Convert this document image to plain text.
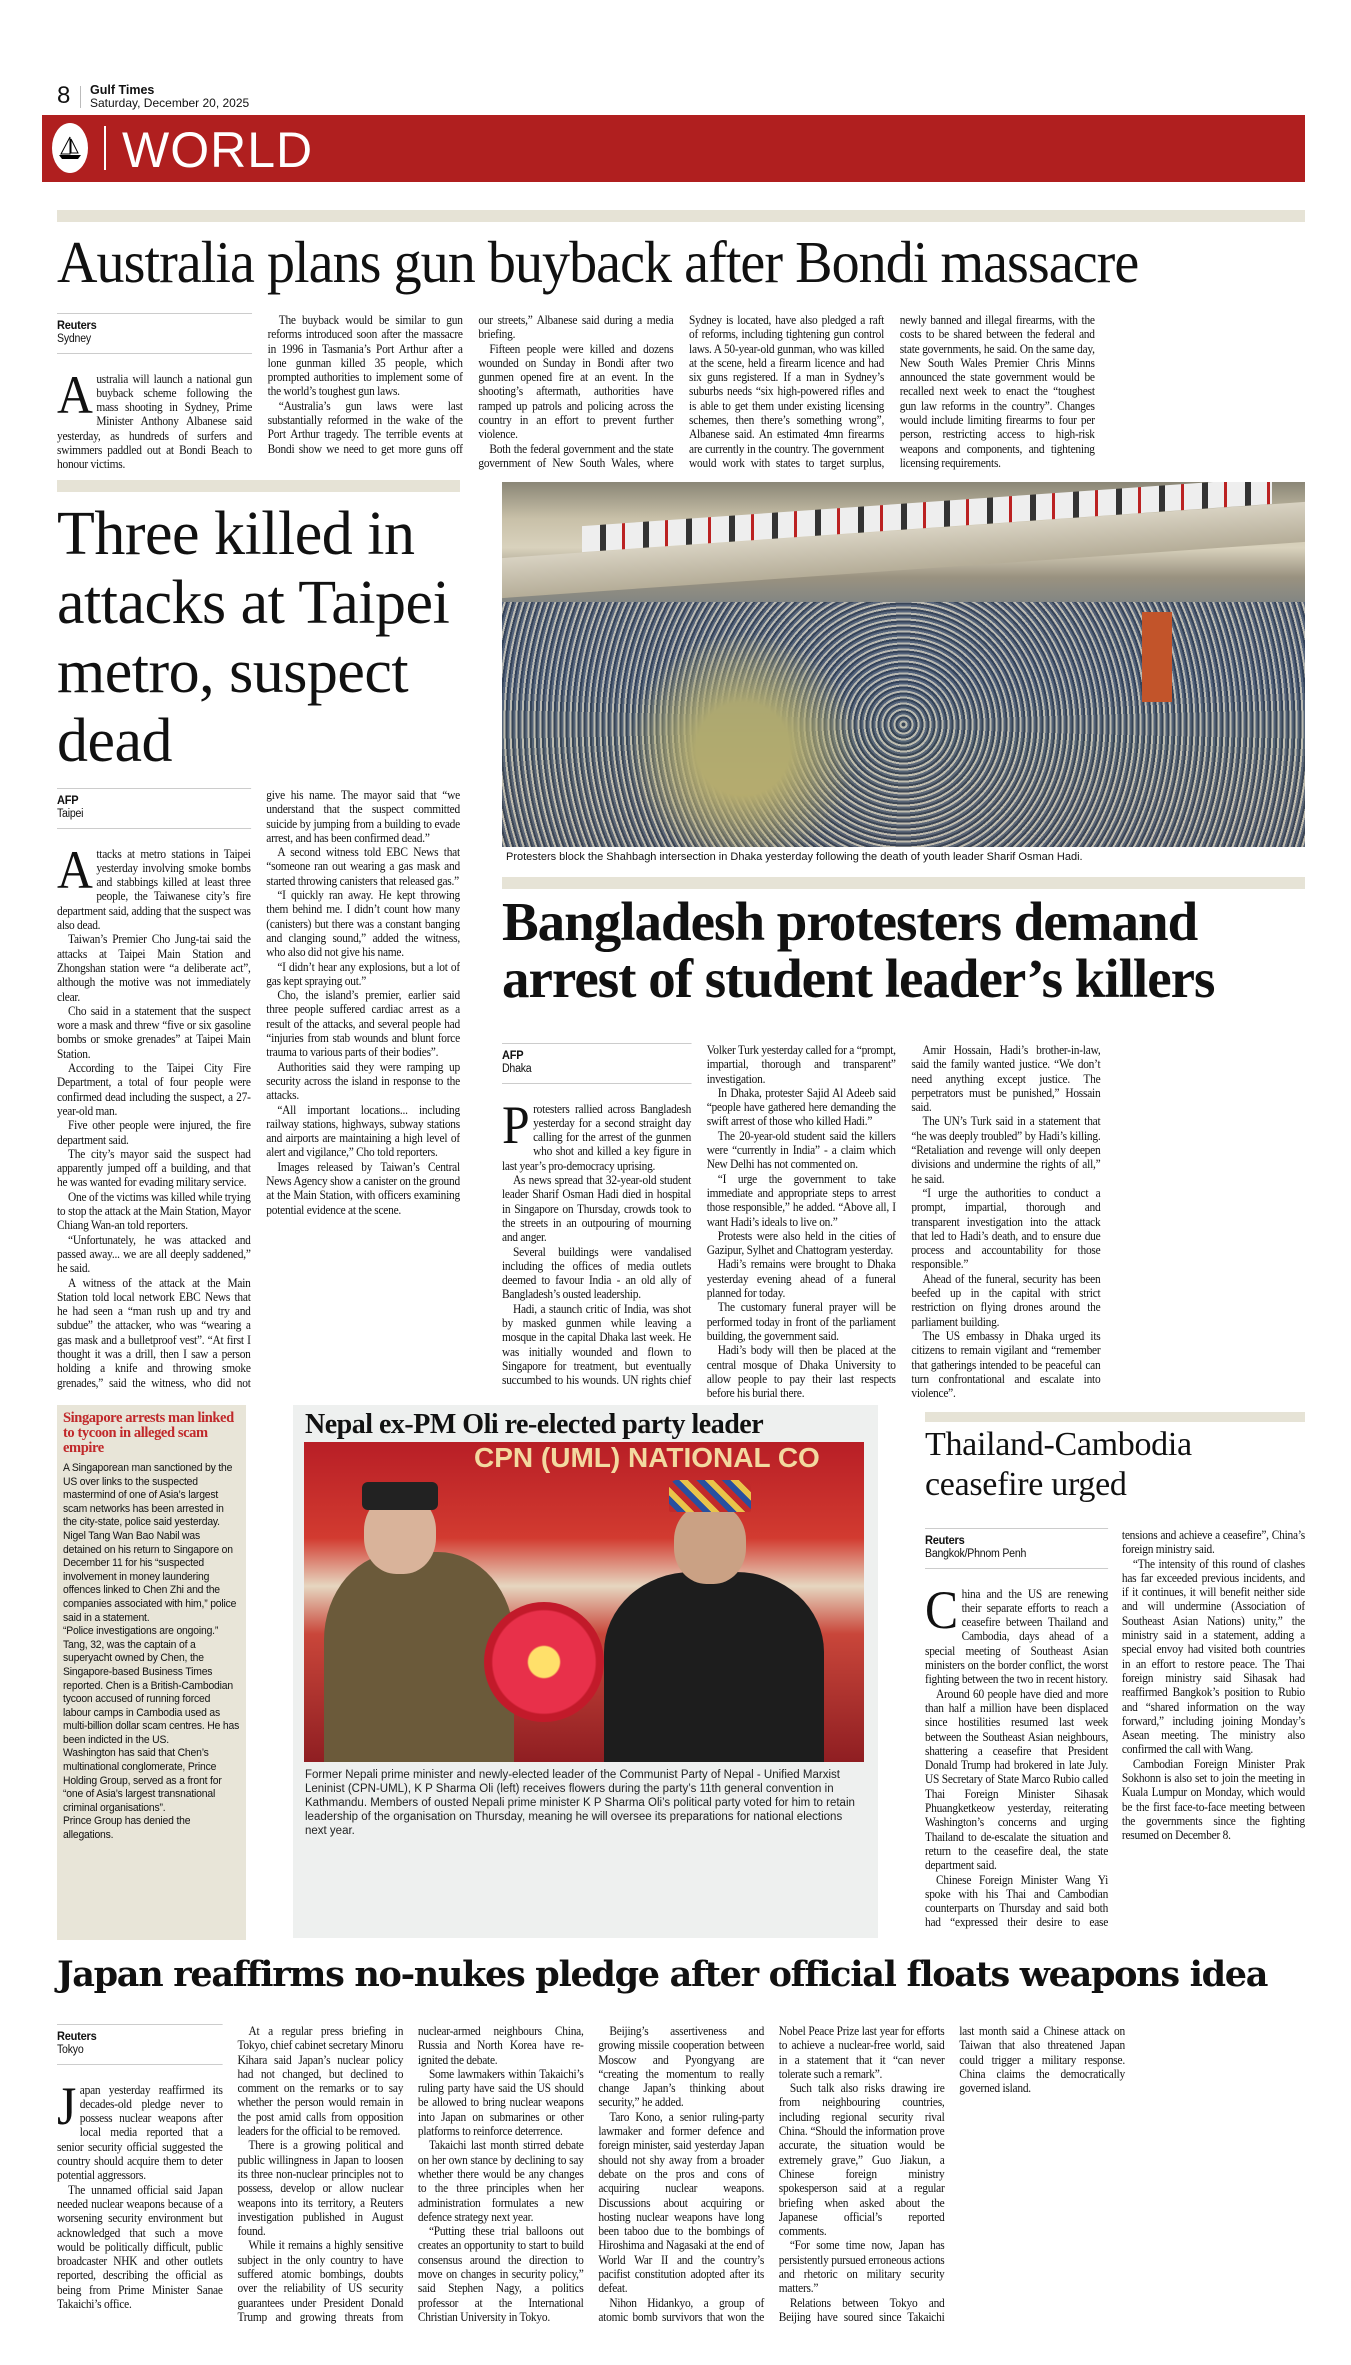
8 Gulf Times
Saturday, December 20, 2025
WORLD
Australia plans gun buyback after Bondi massacre
Reuters
Sydney

Australia will launch a national gun buyback scheme following the mass shooting in Sydney, Prime Minister Anthony Albanese said yesterday, as hundreds of surfers and swimmers paddled out at Bondi Beach to honour victims.

The buyback would be similar to gun reforms introduced soon after the massacre in 1996 in Tasmania’s Port Arthur after a lone gunman killed 35 people, which prompted authorities to implement some of the world’s toughest gun laws.

“Australia’s gun laws were last substantially reformed in the wake of the Port Arthur tragedy. The terrible events at Bondi show we need to get more guns off our streets,” Albanese said during a media briefing.

Fifteen people were killed and dozens wounded on Sunday in Bondi after two gunmen opened fire at an event. In the shooting’s aftermath, authorities have ramped up patrols and policing across the country in an effort to prevent further violence.

Both the federal government and the state government of New South Wales, where Sydney is located, have also pledged a raft of reforms, including tightening gun control laws. A 50-year-old gunman, who was killed at the scene, held a firearm licence and had six guns registered. If a man in Sydney’s suburbs needs “six high-powered rifles and is able to get them under existing licensing schemes, then there’s something wrong”, Albanese said. An estimated 4mn firearms are currently in the country. The government would work with states to target surplus, newly banned and illegal firearms, with the costs to be shared between the federal and state governments, he said. On the same day, New South Wales Premier Chris Minns announced the state government would be recalled next week to enact the “toughest gun law reforms in the country”. Changes would include limiting firearms to four per person, restricting access to high-risk weapons and components, and tightening licensing requirements.

Three killed in attacks at Taipei metro, suspect dead
AFP
Taipei

Attacks at metro stations in Taipei yesterday involving smoke bombs and stabbings killed at least three people, the Taiwanese city’s fire department said, adding that the suspect was also dead.

Taiwan’s Premier Cho Jung-tai said the attacks at Taipei Main Station and Zhongshan station were “a deliberate act”, although the motive was not immediately clear.

Cho said in a statement that the suspect wore a mask and threw “five or six gasoline bombs or smoke grenades” at Taipei Main Station.

According to the Taipei City Fire Department, a total of four people were confirmed dead including the suspect, a 27-year-old man.

Five other people were injured, the fire department said.

The city’s mayor said the suspect had apparently jumped off a building, and that he was wanted for evading military service.

One of the victims was killed while trying to stop the attack at the Main Station, Mayor Chiang Wan-an told reporters.

“Unfortunately, he was attacked and passed away... we are all deeply saddened,” he said.

A witness of the attack at the Main Station told local network EBC News that he had seen a “man rush up and try and subdue” the attacker, who was “wearing a gas mask and a bulletproof vest”. “At first I thought it was a drill, then I saw a person holding a knife and throwing smoke grenades,” said the witness, who did not give his name. The mayor said that “we understand that the suspect committed suicide by jumping from a building to evade arrest, and has been confirmed dead.”

A second witness told EBC News that “someone ran out wearing a gas mask and started throwing canisters that released gas.”

“I quickly ran away. He kept throwing them behind me. I didn’t count how many (canisters) but there was a constant banging and clanging sound,” added the witness, who also did not give his name.

“I didn’t hear any explosions, but a lot of gas kept spraying out.”

Cho, the island’s premier, earlier said three people suffered cardiac arrest as a result of the attacks, and several people had “injuries from stab wounds and blunt force trauma to various parts of their bodies”.

Authorities said they were ramping up security across the island in response to the attacks.

“All important locations... including railway stations, highways, subway stations and airports are maintaining a high level of alert and vigilance,” Cho told reporters.

Images released by Taiwan’s Central News Agency show a canister on the ground at the Main Station, with officers examining potential evidence at the scene.

Protesters block the Shahbagh intersection in Dhaka yesterday following the death of youth leader Sharif Osman Hadi.
Bangladesh protesters demand arrest of student leader’s killers
AFP
Dhaka

Protesters rallied across Bangladesh yesterday for a second straight day calling for the arrest of the gunmen who shot and killed a key figure in last year’s pro-democracy uprising.

As news spread that 32-year-old student leader Sharif Osman Hadi died in hospital in Singapore on Thursday, crowds took to the streets in an outpouring of mourning and anger.

Several buildings were vandalised including the offices of media outlets deemed to favour India - an old ally of Bangladesh’s ousted leadership.

Hadi, a staunch critic of India, was shot by masked gunmen while leaving a mosque in the capital Dhaka last week. He was initially wounded and flown to Singapore for treatment, but eventually succumbed to his wounds. UN rights chief Volker Turk yesterday called for a “prompt, impartial, thorough and transparent” investigation.

In Dhaka, protester Sajid Al Adeeb said “people have gathered here demanding the swift arrest of those who killed Hadi.”

The 20-year-old student said the killers were “currently in India” - a claim which New Delhi has not commented on.

“I urge the government to take immediate and appropriate steps to arrest those responsible,” he added. “Above all, I want Hadi’s ideals to live on.”

Protests were also held in the cities of Gazipur, Sylhet and Chattogram yesterday.

Hadi’s remains were brought to Dhaka yesterday evening ahead of a funeral planned for today.

The customary funeral prayer will be performed today in front of the parliament building, the government said.

Hadi’s body will then be placed at the central mosque of Dhaka University to allow people to pay their last respects before his burial there.

Amir Hossain, Hadi’s brother-in-law, said the family wanted justice. “We don’t need anything except justice. The perpetrators must be punished,” Hossain said.

The UN’s Turk said in a statement that “he was deeply troubled” by Hadi’s killing. “Retaliation and revenge will only deepen divisions and undermine the rights of all,” he said.

“I urge the authorities to conduct a prompt, impartial, thorough and transparent investigation into the attack that led to Hadi’s death, and to ensure due process and accountability for those responsible.”

Ahead of the funeral, security has been beefed up in the capital with strict restriction on flying drones around the parliament building.

The US embassy in Dhaka urged its citizens to remain vigilant and “remember that gatherings intended to be peaceful can turn confrontational and escalate into violence”.

Singapore arrests man linked to tycoon in alleged scam empire

A Singaporean man sanctioned by the US over links to the suspected mastermind of one of Asia’s largest scam networks has been arrested in the city-state, police said yesterday.

Nigel Tang Wan Bao Nabil was detained on his return to Singapore on December 11 for his “suspected involvement in money laundering offences linked to Chen Zhi and the companies associated with him,” police said in a statement.

“Police investigations are ongoing.”

Tang, 32, was the captain of a superyacht owned by Chen, the Singapore-based Business Times reported. Chen is a British-Cambodian tycoon accused of running forced labour camps in Cambodia used as multi-billion dollar scam centres. He has been indicted in the US.

Washington has said that Chen’s multinational conglomerate, Prince Holding Group, served as a front for “one of Asia’s largest transnational criminal organisations”.

Prince Group has denied the allegations.

Nepal ex-PM Oli re-elected party leader
CPN (UML) NATIONAL CO
Former Nepali prime minister and newly-elected leader of the Communist Party of Nepal - Unified Marxist Leninist (CPN-UML), K P Sharma Oli (left) receives flowers during the party’s 11th general convention in Kathmandu. Members of ousted Nepali prime minister K P Sharma Oli’s political party voted for him to retain leadership of the organisation on Thursday, meaning he will oversee its preparations for national elections next year.
Thailand-Cambodia ceasefire urged
Reuters
Bangkok/Phnom Penh

China and the US are renewing their separate efforts to reach a ceasefire between Thailand and Cambodia, days ahead of a special meeting of Southeast Asian ministers on the border conflict, the worst fighting between the two in recent history.

Around 60 people have died and more than half a million have been displaced since hostilities resumed last week between the Southeast Asian neighbours, shattering a ceasefire that President Donald Trump had brokered in late July. US Secretary of State Marco Rubio called Thai Foreign Minister Sihasak Phuangketkeow yesterday, reiterating Washington’s concerns and urging Thailand to de-escalate the situation and return to the ceasefire deal, the state department said.

Chinese Foreign Minister Wang Yi spoke with his Thai and Cambodian counterparts on Thursday and said both had “expressed their desire to ease tensions and achieve a ceasefire”, China’s foreign ministry said.

“The intensity of this round of clashes has far exceeded previous incidents, and if it continues, it will benefit neither side and will undermine (Association of Southeast Asian Nations) unity,” the ministry said in a statement, adding a special envoy had visited both countries in an effort to restore peace. The Thai foreign ministry said Sihasak had reaffirmed Bangkok’s position to Rubio and “shared information on the way forward,” including joining Monday’s Asean meeting. The ministry also confirmed the call with Wang.

Cambodian Foreign Minister Prak Sokhonn is also set to join the meeting in Kuala Lumpur on Monday, which would be the first face-to-face meeting between the governments since the fighting resumed on December 8.

Japan reaffirms no-nukes pledge after official floats weapons idea
Reuters
Tokyo

Japan yesterday reaffirmed its decades-old pledge never to possess nuclear weapons after local media reported that a senior security official suggested the country should acquire them to deter potential aggressors.

The unnamed official said Japan needed nuclear weapons because of a worsening security environment but acknowledged that such a move would be politically difficult, public broadcaster NHK and other outlets reported, describing the official as being from Prime Minister Sanae Takaichi’s office.

At a regular press briefing in Tokyo, chief cabinet secretary Minoru Kihara said Japan’s nuclear policy had not changed, but declined to comment on the remarks or to say whether the person would remain in the post amid calls from opposition leaders for the official to be removed.

There is a growing political and public willingness in Japan to loosen its three non-nuclear principles not to possess, develop or allow nuclear weapons into its territory, a Reuters investigation published in August found.

While it remains a highly sensitive subject in the only country to have suffered atomic bombings, doubts over the reliability of US security guarantees under President Donald Trump and growing threats from nuclear-armed neighbours China, Russia and North Korea have re-ignited the debate.

Some lawmakers within Takaichi’s ruling party have said the US should be allowed to bring nuclear weapons into Japan on submarines or other platforms to reinforce deterrence.

Takaichi last month stirred debate on her own stance by declining to say whether there would be any changes to the three principles when her administration formulates a new defence strategy next year.

“Putting these trial balloons out creates an opportunity to start to build consensus around the direction to move on changes in security policy,” said Stephen Nagy, a politics professor at the International Christian University in Tokyo.

Beijing’s assertiveness and growing missile cooperation between Moscow and Pyongyang are “creating the momentum to really change Japan’s thinking about security,” he added.

Taro Kono, a senior ruling-party lawmaker and former defence and foreign minister, said yesterday Japan should not shy away from a broader debate on the pros and cons of acquiring nuclear weapons. Discussions about acquiring or hosting nuclear weapons have long been taboo due to the bombings of Hiroshima and Nagasaki at the end of World War II and the country’s pacifist constitution adopted after its defeat.

Nihon Hidankyo, a group of atomic bomb survivors that won the Nobel Peace Prize last year for efforts to achieve a nuclear-free world, said in a statement that it “can never tolerate such a remark”.

Such talk also risks drawing ire from neighbouring countries, including regional security rival China. “Should the information prove accurate, the situation would be extremely grave,” Guo Jiakun, a Chinese foreign ministry spokesperson said at a regular briefing when asked about the Japanese official’s reported comments.

“For some time now, Japan has persistently pursued erroneous actions and rhetoric on military security matters.”

Relations between Tokyo and Beijing have soured since Takaichi last month said a Chinese attack on Taiwan that also threatened Japan could trigger a military response. China claims the democratically governed island.
